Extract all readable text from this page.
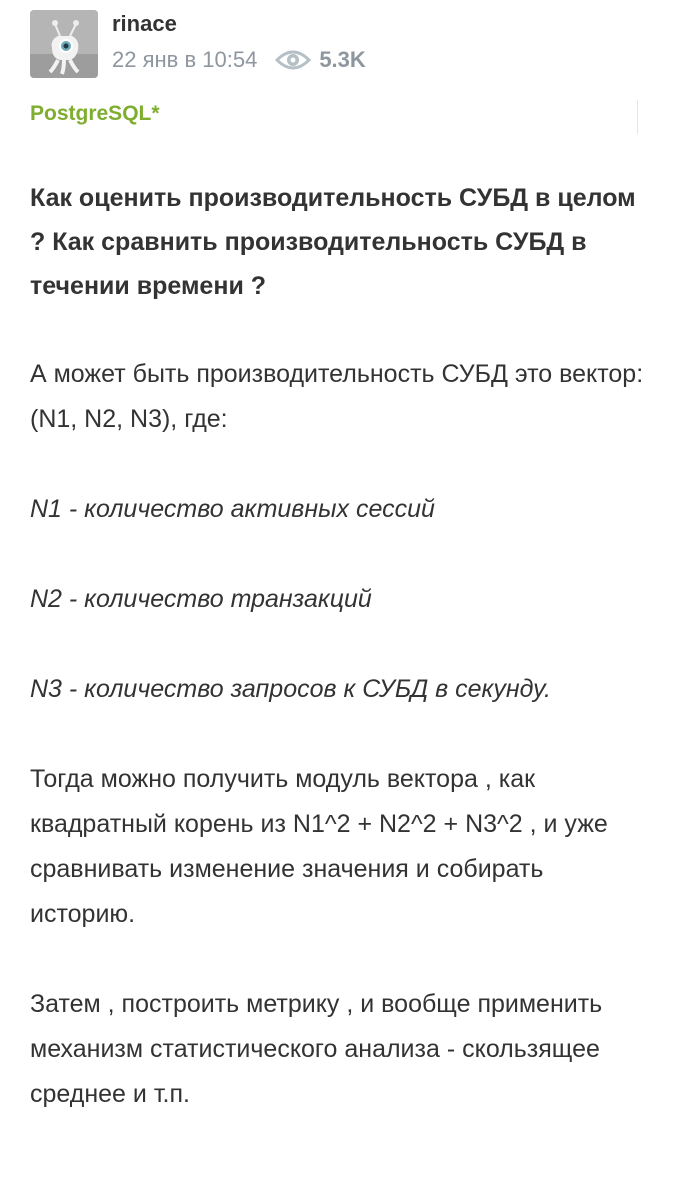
rinace
22 янв в 10:54	5.3K
PostgreSQL*
Как оценить производительность СУБД в целом ? Как сравнить производительность СУБД в течении времени ?
А может быть производительность СУБД это вектор: (N1, N2, N3), где:
N1 - количество активных сессий
N2 - количество транзакций
N3 - количество запросов к СУБД в секунду.
Тогда можно получить модуль вектора , как квадратный корень из N1^2 + N2^2 + N3^2 , и уже сравнивать изменение значения и собирать историю.
Затем , построить метрику , и вообще применить механизм статистического анализа - скользящее среднее и т.п.
